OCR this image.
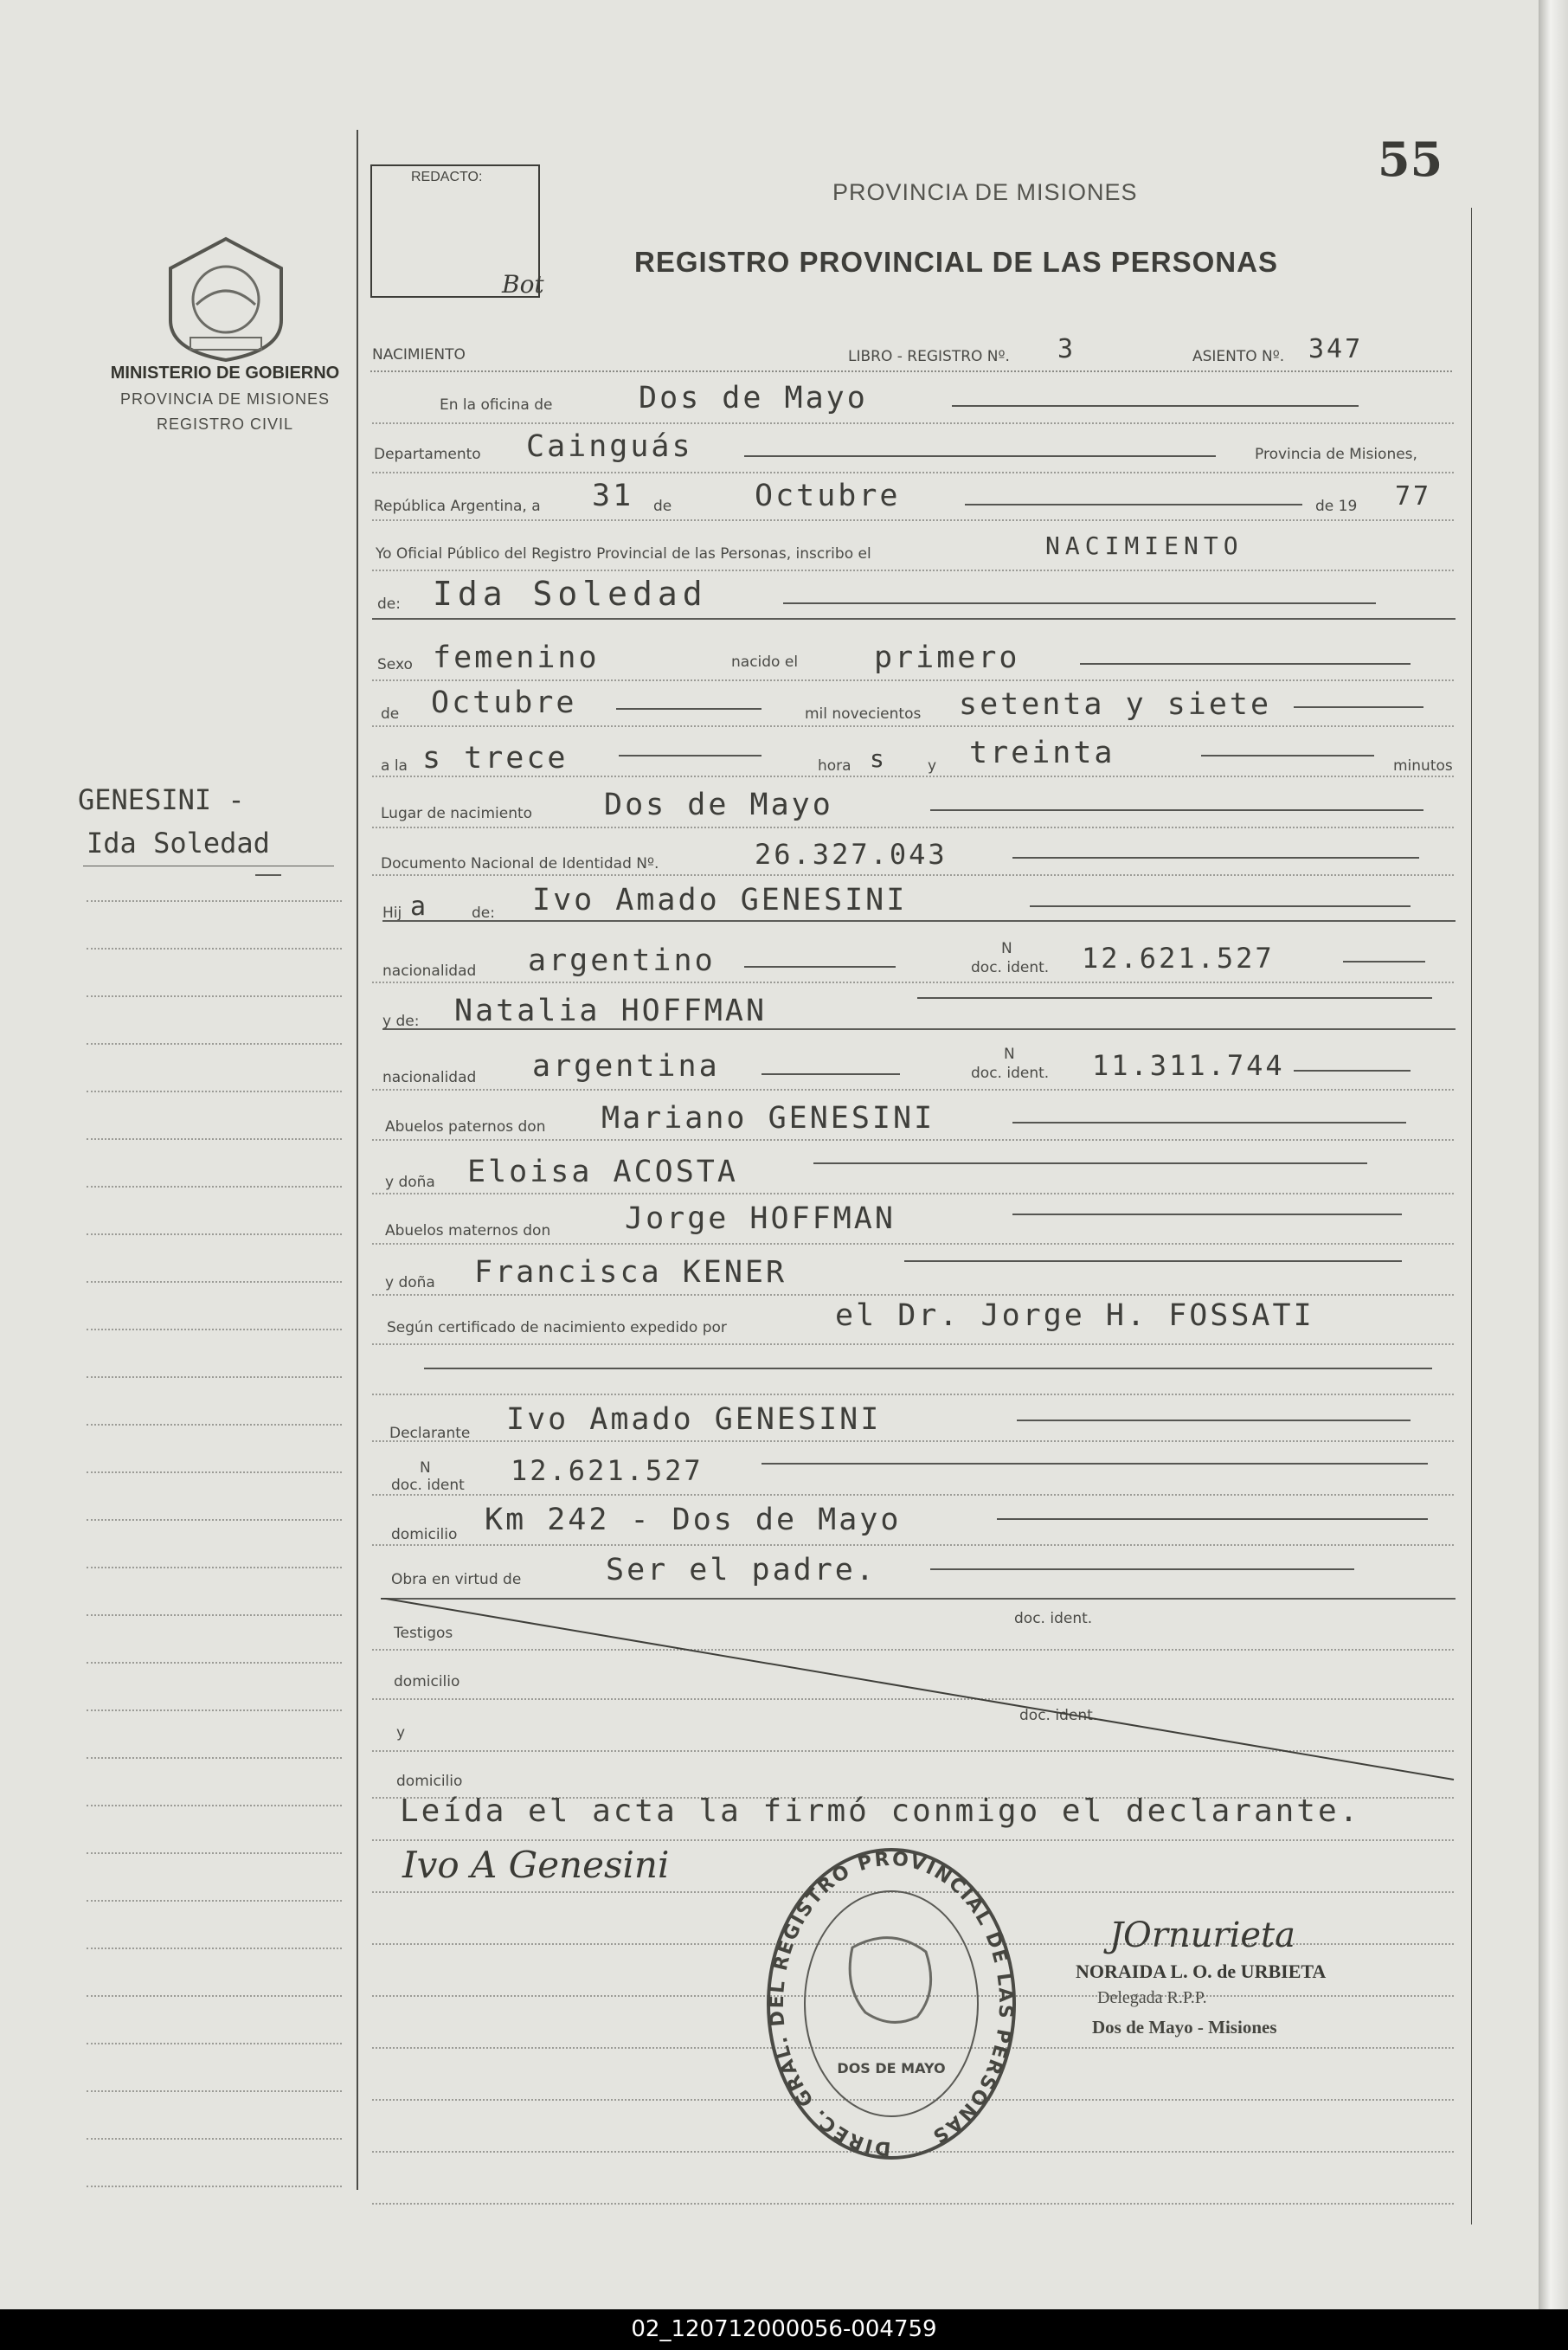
55
REDACTO:
Bot
PROVINCIA DE MISIONES
REGISTRO PROVINCIAL DE LAS PERSONAS
MINISTERIO DE GOBIERNO
PROVINCIA DE MISIONES
REGISTRO CIVIL
GENESINI -
Ida Soledad
NACIMIENTO	LIBRO - REGISTRO Nº. 3	ASIENTO Nº. 347
En la oficina de	Dos de Mayo
Departamento Cainguás	Provincia de Misiones,
República Argentina, a 31 de	Octubre	de 19 77
Yo Oficial Público del Registro Provincial de las Personas, inscribo el	NACIMIENTO
de: Ida Soledad
Sexo femenino	nacido el	primero
de Octubre	mil novecientos setenta y siete
a la s trece	hora s	y treinta	minutos
Lugar de nacimiento Dos de Mayo
Documento Nacional de Identidad Nº.	26.327.043
Hij a	de: Ivo Amado GENESINI
nacionalidad argentino	N
doc. ident. 12.621.527
y de: Natalia HOFFMAN
nacionalidad argentina	N
doc. ident. 11.311.744
Abuelos paternos don Mariano GENESINI
y doña Eloisa ACOSTA
Abuelos maternos don Jorge HOFFMAN
y doña Francisca KENER
Según certificado de nacimiento expedido por	el Dr. Jorge H. FOSSATI
Declarante Ivo Amado GENESINI
N
doc. ident 12.621.527
domicilio Km 242 - Dos de Mayo
Obra en virtud de	Ser el padre.
Testigos
doc. ident.
domicilio
doc. ident.
y
domicilio
Leída el acta la firmó conmigo el declarante.
Ivo A Genesini
DIREC. GRAL. DEL REGISTRO PROVINCIAL DE LAS PERSONAS
DOS DE MAYO
JOrnurieta
NORAIDA L. O. de URBIETA
Delegada R.P.P.
Dos de Mayo - Misiones
02_120712000056-004759
